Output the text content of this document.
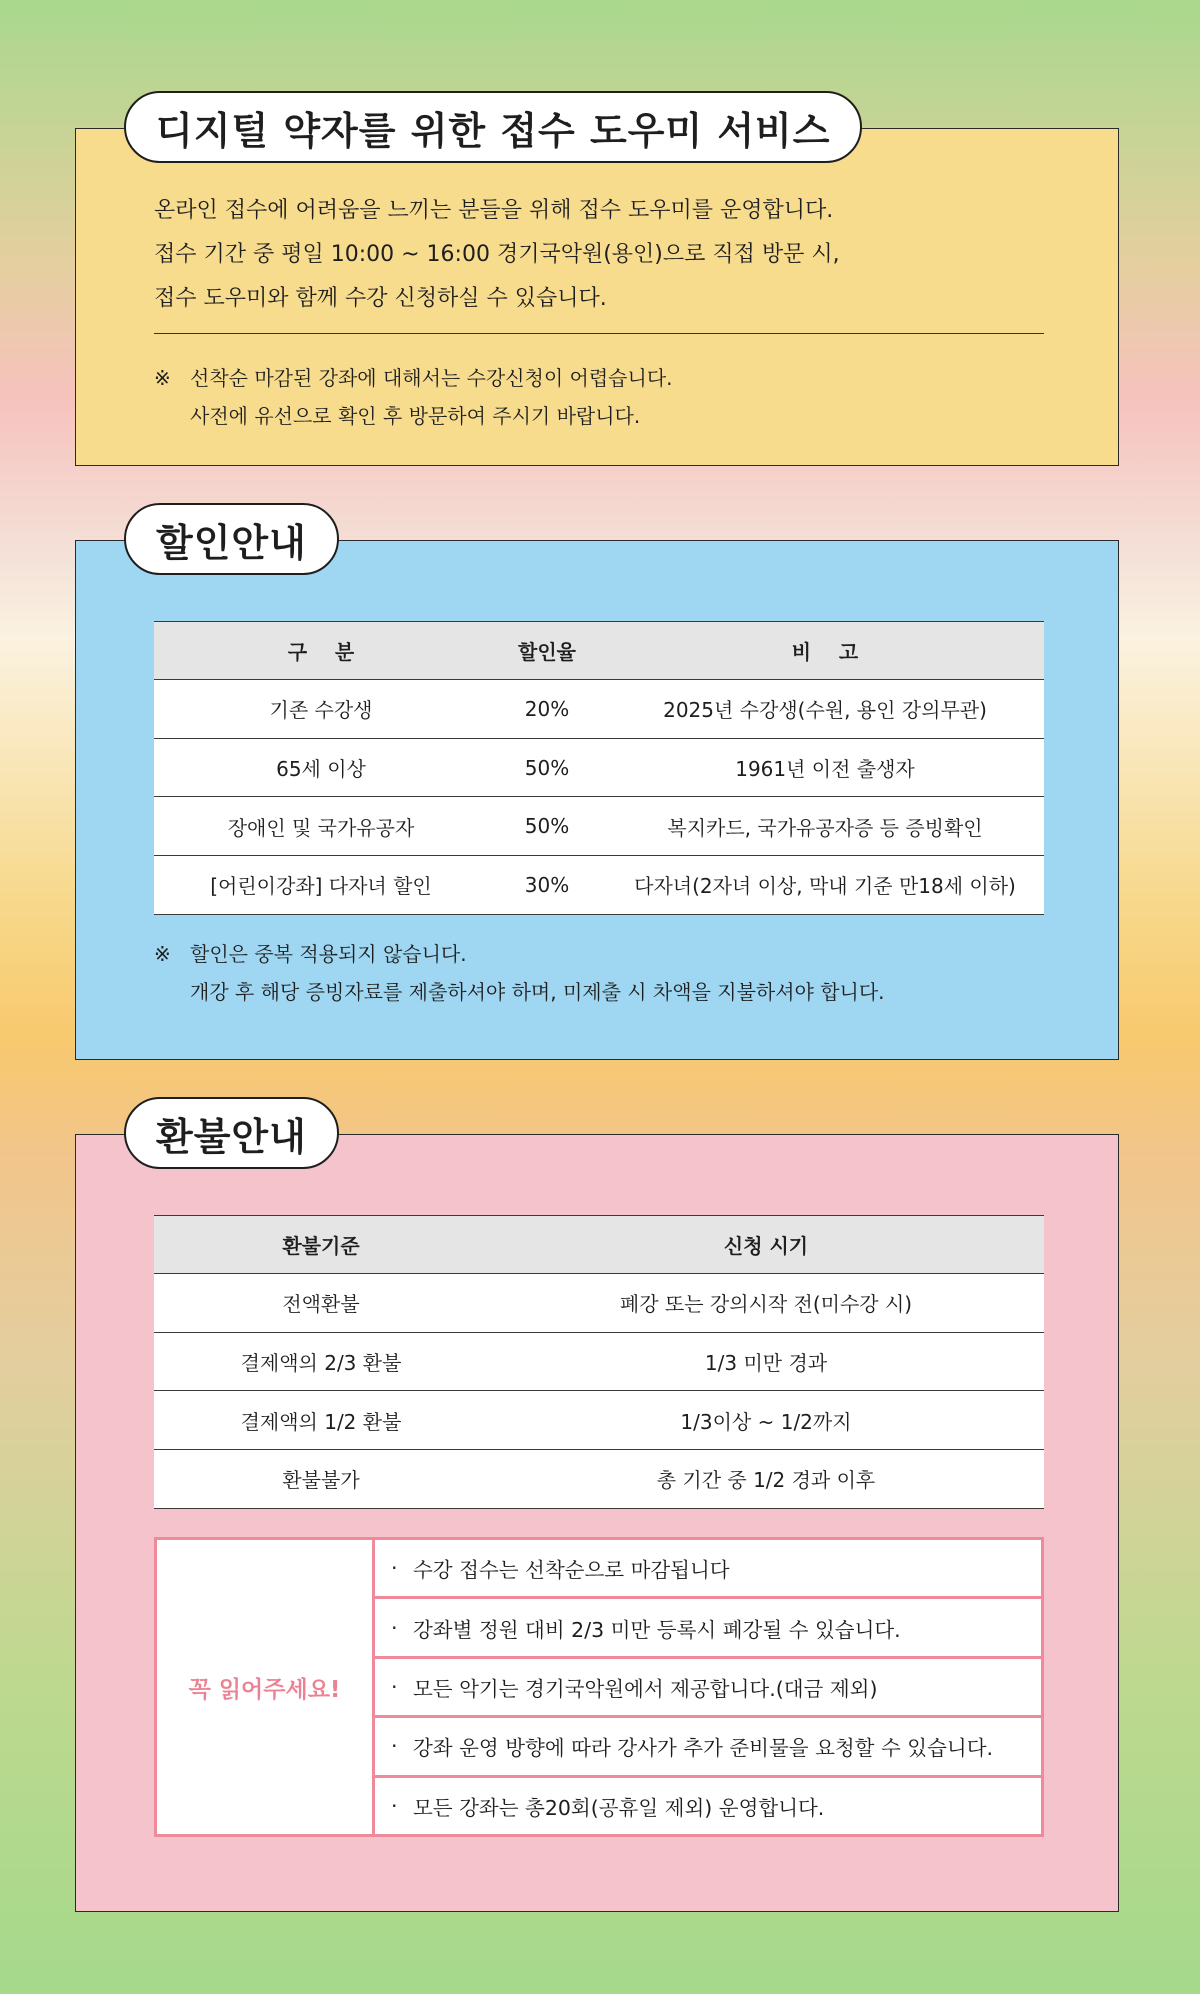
디지털 약자를 위한 접수 도우미 서비스

온라인 접수에 어려움을 느끼는 분들을 위해 접수 도우미를 운영합니다.

접수 기간 중 평일 10:00 ~ 16:00 경기국악원(용인)으로 직접 방문 시,

접수 도우미와 함께 수강 신청하실 수 있습니다.

※ 선착순 마감된 강좌에 대해서는 수강신청이 어렵습니다.
사전에 유선으로 확인 후 방문하여 주시기 바랍니다.
할인안내
구    분	할인율	비    고
기존 수강생	20%	2025년 수강생(수원, 용인 강의무관)
65세 이상	50%	1961년 이전 출생자
장애인 및 국가유공자	50%	복지카드, 국가유공자증 등 증빙확인
[어린이강좌] 다자녀 할인	30%	다자녀(2자녀 이상, 막내 기준 만18세 이하)
※ 할인은 중복 적용되지 않습니다.
개강 후 해당 증빙자료를 제출하셔야 하며, 미제출 시 차액을 지불하셔야 합니다.
환불안내
환불기준	신청 시기
전액환불	폐강 또는 강의시작 전(미수강 시)
결제액의 2/3 환불	1/3 미만 경과
결제액의 1/2 환불	1/3이상 ~ 1/2까지
환불불가	총 기간 중 1/2 경과 이후
꼭 읽어주세요!
· 수강 접수는 선착순으로 마감됩니다
· 강좌별 정원 대비 2/3 미만 등록시 폐강될 수 있습니다.
· 모든 악기는 경기국악원에서 제공합니다.(대금 제외)
· 강좌 운영 방향에 따라 강사가 추가 준비물을 요청할 수 있습니다.
· 모든 강좌는 총20회(공휴일 제외) 운영합니다.
